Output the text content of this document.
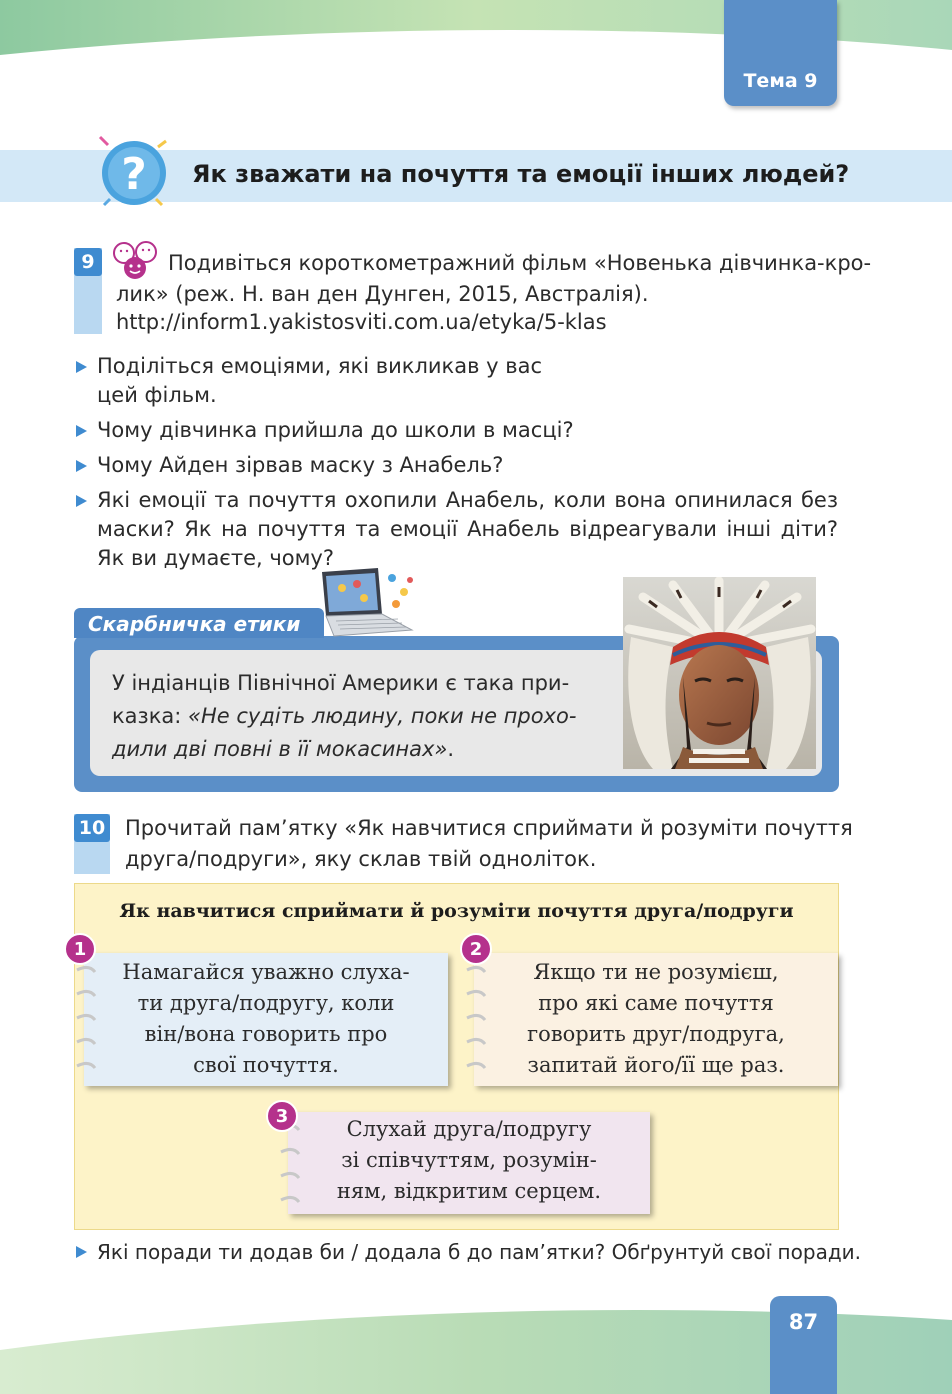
Тема 9
? Як зважати на почуття та емоції інших людей?
9	Подивіться короткометражний фільм «Новенька дівчинка-кро-
лик» (реж. Н. ван ден Дунген, 2015, Австралія).
http://inform1.yakistosviti.com.ua/etyka/5-klas
Поділіться емоціями, які викликав у вас
цей фільм.
Чому дівчинка прийшла до школи в масці?
Чому Айден зірвав маску з Анабель?
Які емоції та почуття охопили Анабель, коли вона опинилася без маски? Як на почуття та емоції Анабель відреагували інші діти? Як ви думаєте, чому?
Скарбничка етики
У індіанців Північної Америки є така при-
казка: «Не судіть людину, поки не прохо-
дили дві повні в її мокасинах».
10 Прочитай пам’ятку «Як навчитися сприймати й розуміти почуття
друга/подруги», яку склав твій одноліток.
Як навчитися сприймати й розуміти почуття друга/подруги
Намагайся уважно слуха-
ти друга/подругу, коли
він/вона говорить про
свої почуття.
1
Якщо ти не розумієш,
про які саме почуття
говорить друг/подруга,
запитай його/її ще раз.
2
Слухай друга/подругу
зі співчуттям, розумін-
ням, відкритим серцем.
3
Які поради ти додав би / додала б до пам’ятки? Обґрунтуй свої поради.
87
